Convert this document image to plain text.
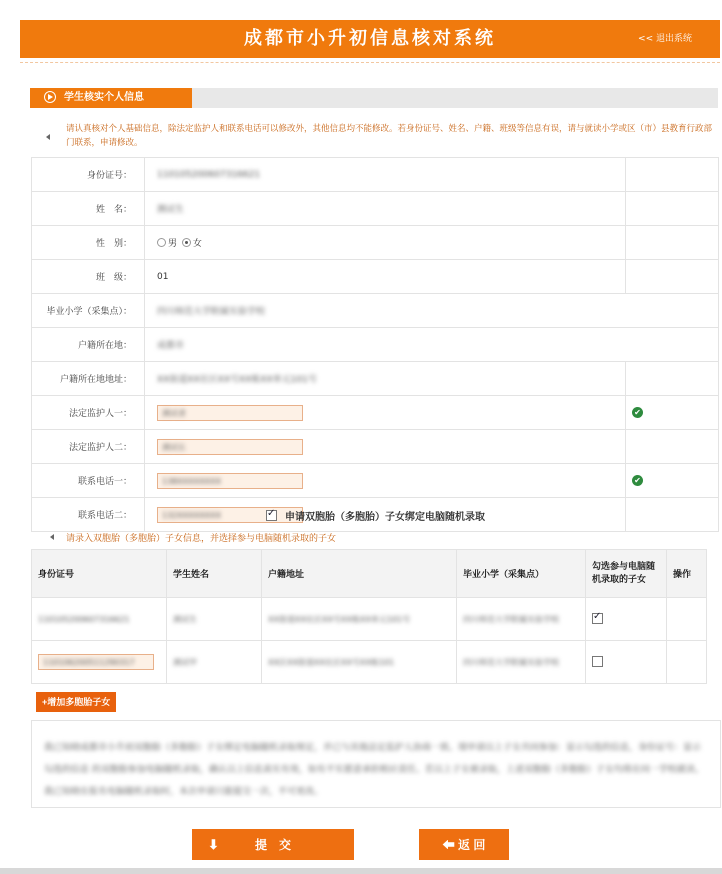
成都市小升初信息核对系统	<< 退出系统
学生核实个人信息
请认真核对个人基础信息，除法定监护人和联系电话可以修改外，其他信息均不能修改。若身份证号、姓名、户籍、班级等信息有误，请与就读小学或区（市）县教育行政部门联系，申请修改。
身份证号：	110105200607316621	
姓　名：	测试生	
性　别：	男 女	
班　级：	01	
毕业小学（采集点）：	四川师范大学附属实验学校	
户籍所在地：	成都市	
户籍所在地地址：	XX街道XX社区XX号XX栋XX单元101号	
法定监护人一：	测试者	✔
法定监护人二：	测试长	
联系电话一：	138XXXXXXXX	✔
联系电话二：	132XXXXXXXX	✓	申请双胞胎（多胞胎）子女绑定电脑随机录取
请录入双胞胎（多胞胎）子女信息，并选择参与电脑随机录取的子女
身份证号	学生姓名	户籍地址	毕业小学（采集点）	勾选参与电脑随机录取的子女	操作
110105200607316621	测试生	XX街道XX社区XX号XX栋XX单元101号	四川师范大学附属实验学校	✓	
110106200511290317	测试甲	XX区XX街道XX社区XX号XX栋101	四川师范大学附属实验学校		
+增加多胞胎子女
我已知晓成都市小升初双胞胎（多胞胎）子女绑定电脑随机录取规定，并已与其他法定监护人协商一致。现申请以上子女共同参加：显示勾选的信息，身份证号：显示勾选的信息 的双胞胎参加电脑随机录取，确认以上信息真实有效，如有不实愿意承担相应责任。若以上子女被录取，上述双胞胎（多胞胎）子女均将在同一学校就读。我已知晓在报名电脑随机录取时，本次申请只能提交一次，不可更改。
⬇	提　交	⬅ 返 回
